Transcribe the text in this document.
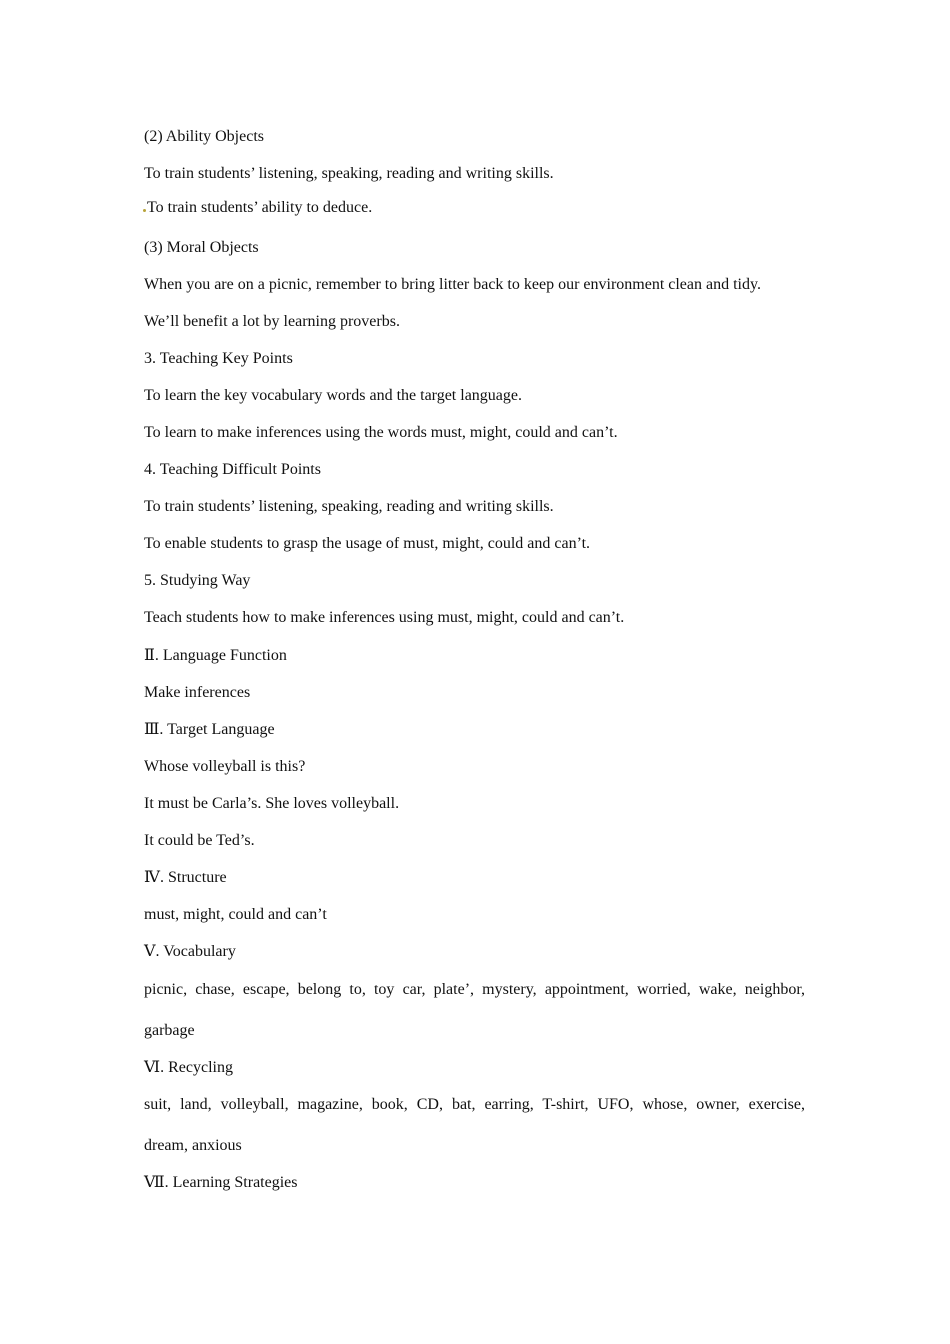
(2) Ability Objects
To train students’ listening, speaking, reading and writing skills.
To train students’ ability to deduce.
(3) Moral Objects
When you are on a picnic, remember to bring litter back to keep our environment clean and tidy.
We’ll benefit a lot by learning proverbs.
3. Teaching Key Points
To learn the key vocabulary words and the target language.
To learn to make inferences using the words must, might, could and can’t.
4. Teaching Difficult Points
To train students’ listening, speaking, reading and writing skills.
To enable students to grasp the usage of must, might, could and can’t.
5. Studying Way
Teach students how to make inferences using must, might, could and can’t.
Ⅱ. Language Function
Make inferences
Ⅲ. Target Language
Whose volleyball is this?
It must be Carla’s. She loves volleyball.
It could be Ted’s.
Ⅳ. Structure
must, might, could and can’t
Ⅴ. Vocabulary
picnic, chase, escape, belong to, toy car, plate’, mystery, appointment, worried, wake, neighbor,
garbage
Ⅵ. Recycling
suit, land, volleyball, magazine, book, CD, bat, earring, T-shirt, UFO, whose, owner, exercise,
dream, anxious
Ⅶ. Learning Strategies
